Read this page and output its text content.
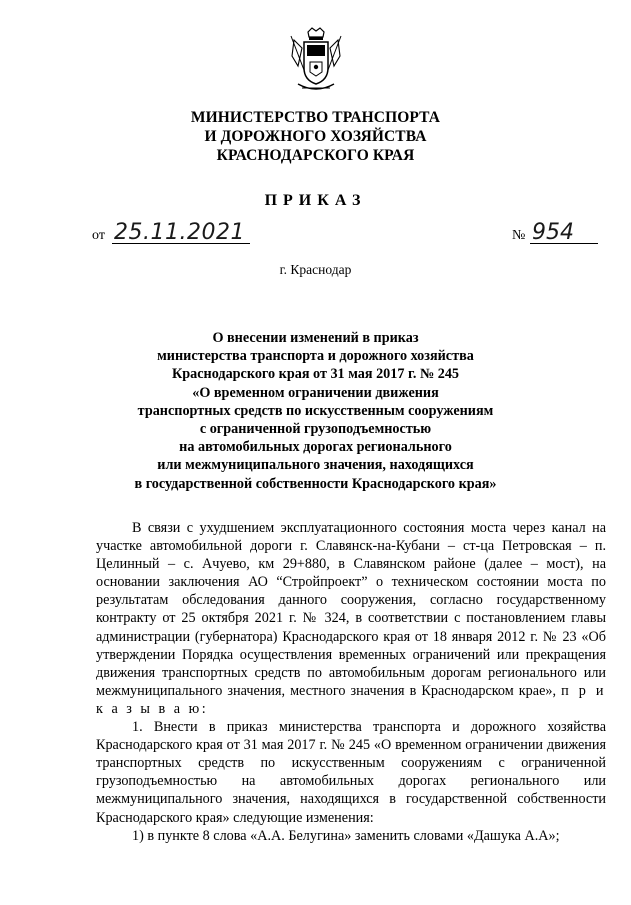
МИНИСТЕРСТВО ТРАНСПОРТА
И ДОРОЖНОГО ХОЗЯЙСТВА
КРАСНОДАРСКОГО КРАЯ
ПРИКАЗ
от 25.11.2021	№ 954
г. Краснодар
О внесении изменений в приказ
министерства транспорта и дорожного хозяйства
Краснодарского края от 31 мая 2017 г. № 245
«О временном ограничении движения
транспортных средств по искусственным сооружениям
с ограниченной грузоподъемностью
на автомобильных дорогах регионального
или межмуниципального значения, находящихся
в государственной собственности Краснодарского края»

В связи с ухудшением эксплуатационного состояния моста через канал на участке автомобильной дороги г. Славянск-на-Кубани – ст-ца Петровская – п. Целинный – с. Ачуево, км 29+880, в Славянском районе (далее – мост), на основании заключения АО “Стройпроект” о техническом состоянии моста по результатам обследования данного сооружения, согласно государственному контракту от 25 октября 2021 г. № 324, в соответствии с постановлением главы администрации (губернатора) Краснодарского края от 18 января 2012 г. № 23 «Об утверждении Порядка осуществления временных ограничений или прекращения движения транспортных средств по автомобильным дорогам регионального или межмуниципального значения, местного значения в Краснодарском крае», п р и к а з ы в а ю:

1. Внести в приказ министерства транспорта и дорожного хозяйства Краснодарского края от 31 мая 2017 г. № 245 «О временном ограничении движения транспортных средств по искусственным сооружениям с ограниченной грузоподъемностью на автомобильных дорогах регионального или межмуниципального значения, находящихся в государственной собственности Краснодарского края» следующие изменения:

1) в пункте 8 слова «А.А. Белугина» заменить словами «Дашука А.А»;
